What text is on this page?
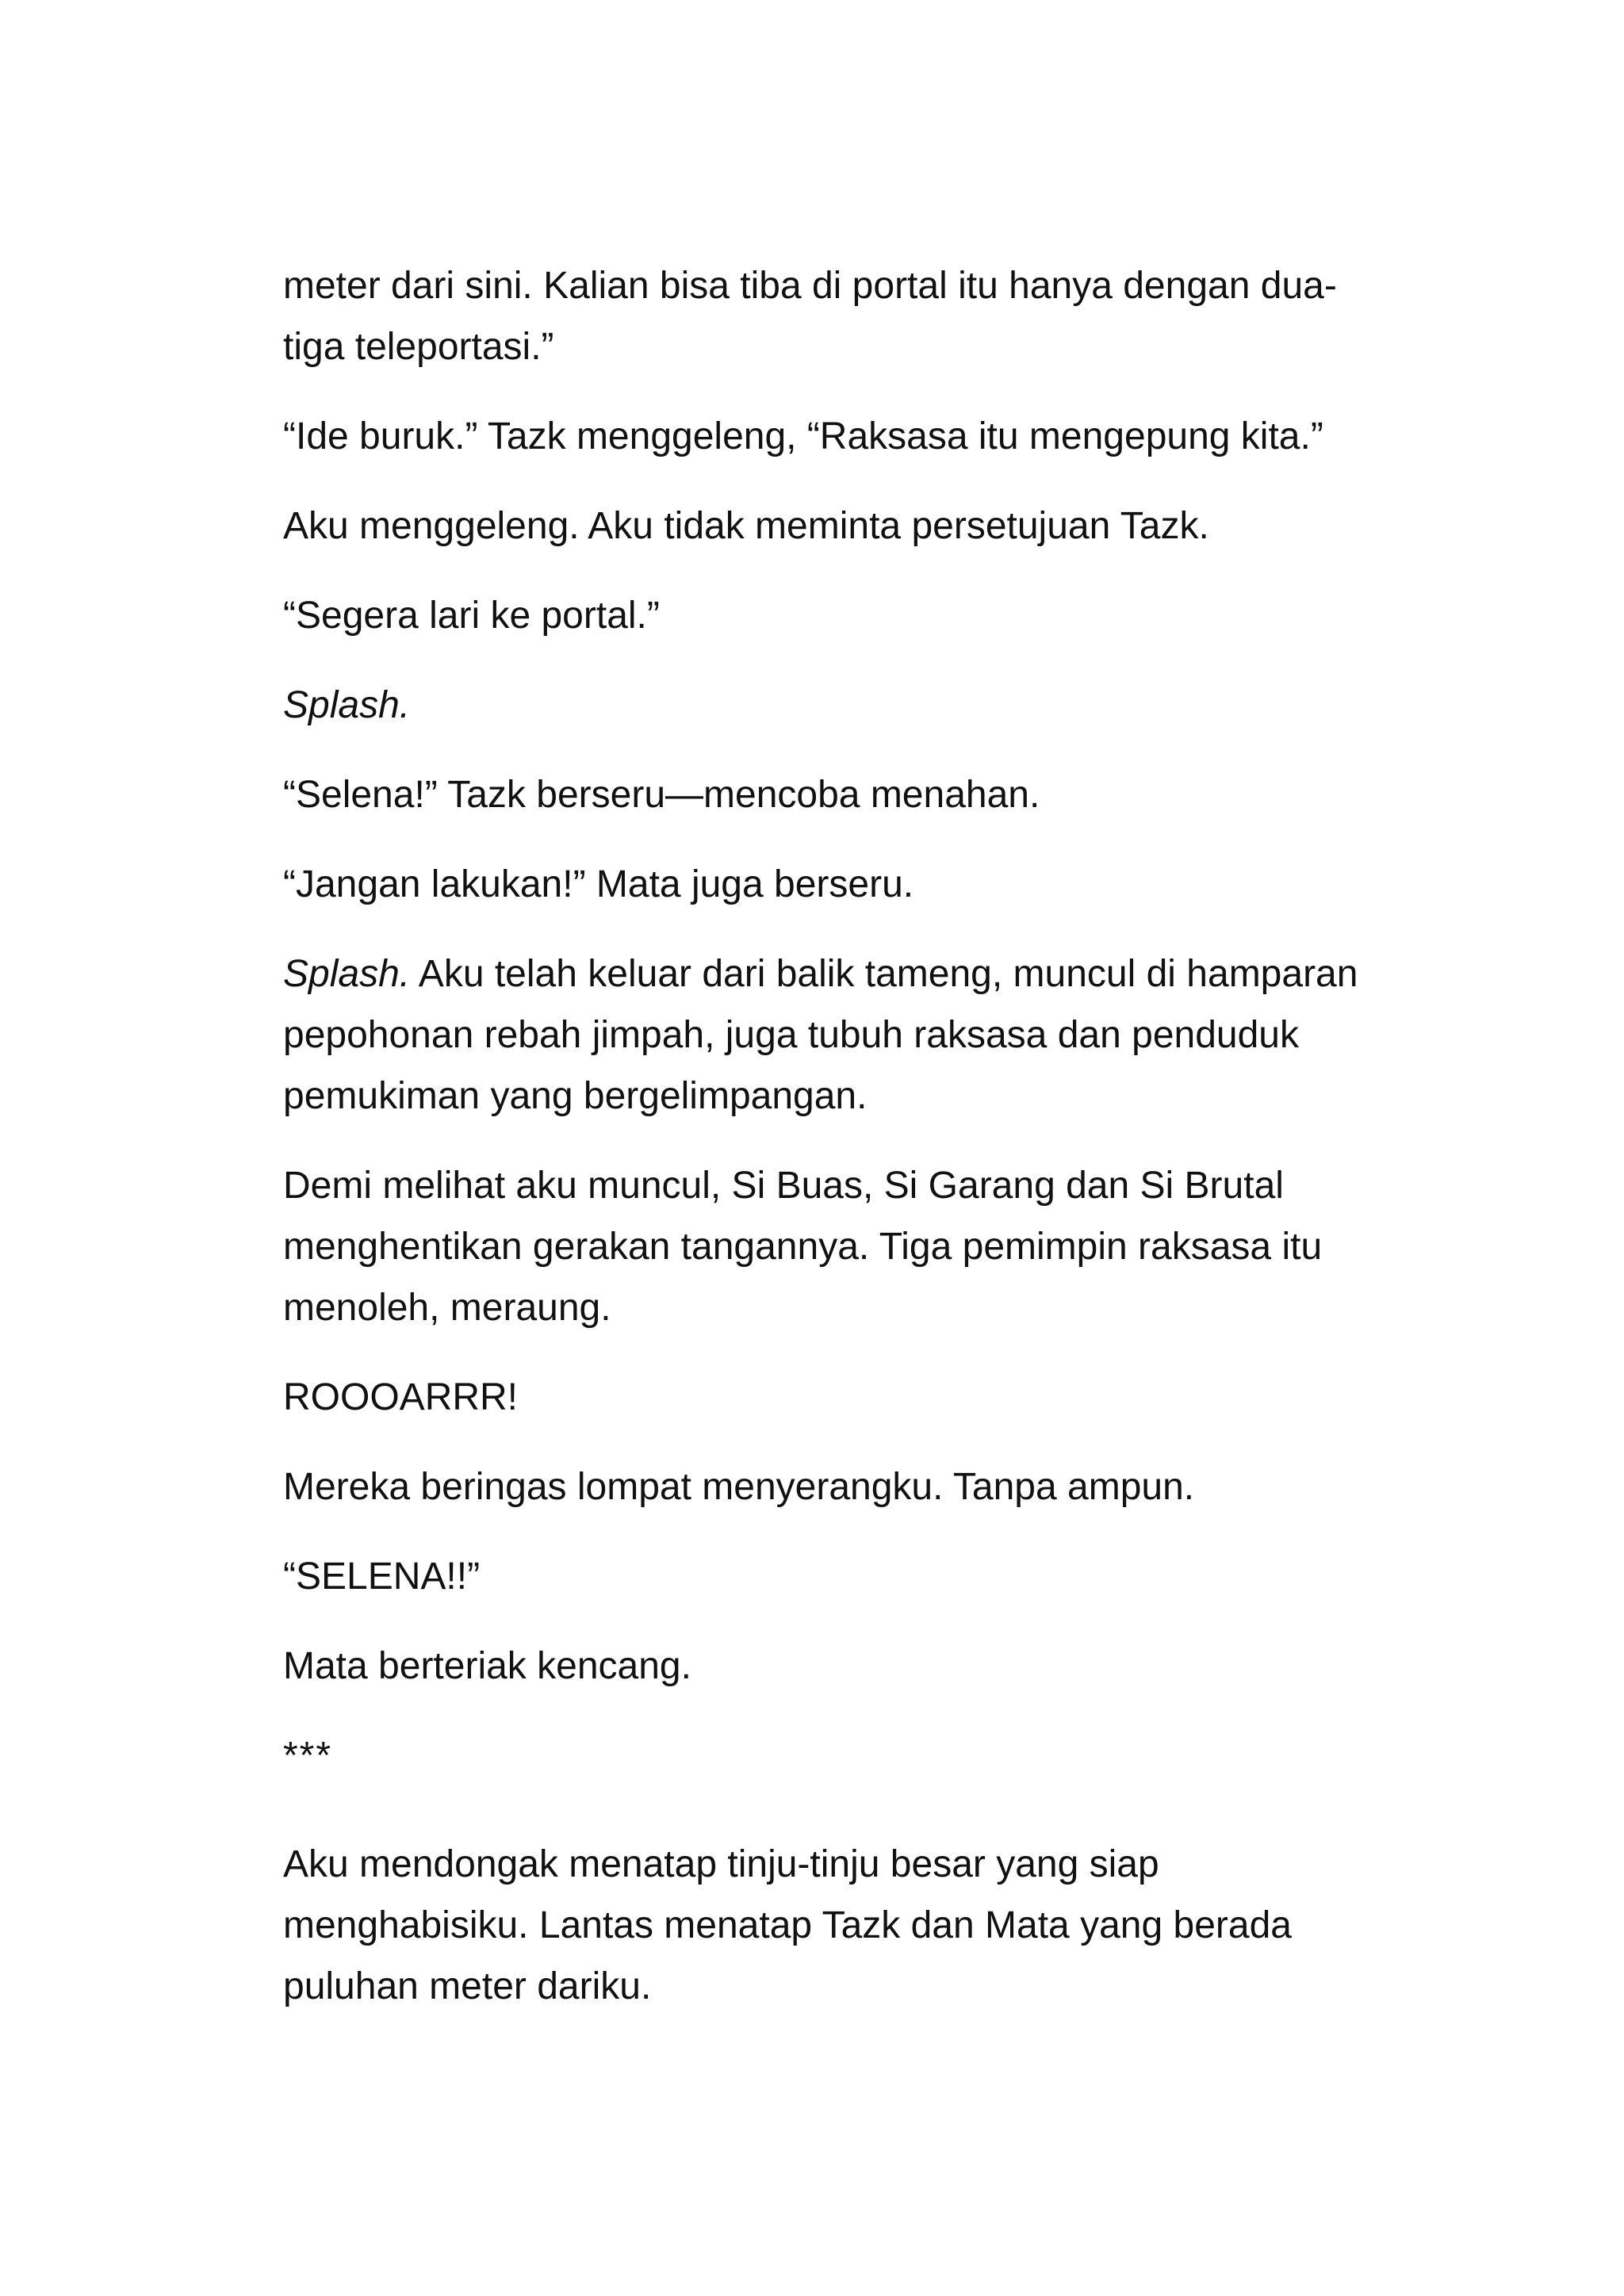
meter dari sini. Kalian bisa tiba di portal itu hanya dengan dua-tiga teleportasi.”

“Ide buruk.” Tazk menggeleng, “Raksasa itu mengepung kita.”

Aku menggeleng. Aku tidak meminta persetujuan Tazk.

“Segera lari ke portal.”

Splash.

“Selena!” Tazk berseru—mencoba menahan.

“Jangan lakukan!” Mata juga berseru.

Splash. Aku telah keluar dari balik tameng, muncul di hamparan pepohonan rebah jimpah, juga tubuh raksasa dan penduduk pemukiman yang bergelimpangan.

Demi melihat aku muncul, Si Buas, Si Garang dan Si Brutal menghentikan gerakan tangannya. Tiga pemimpin raksasa itu menoleh, meraung.

ROOOARRR!

Mereka beringas lompat menyerangku. Tanpa ampun.

“SELENA!!”

Mata berteriak kencang.

***

Aku mendongak menatap tinju-tinju besar yang siap menghabisiku. Lantas menatap Tazk dan Mata yang berada puluhan meter dariku.
